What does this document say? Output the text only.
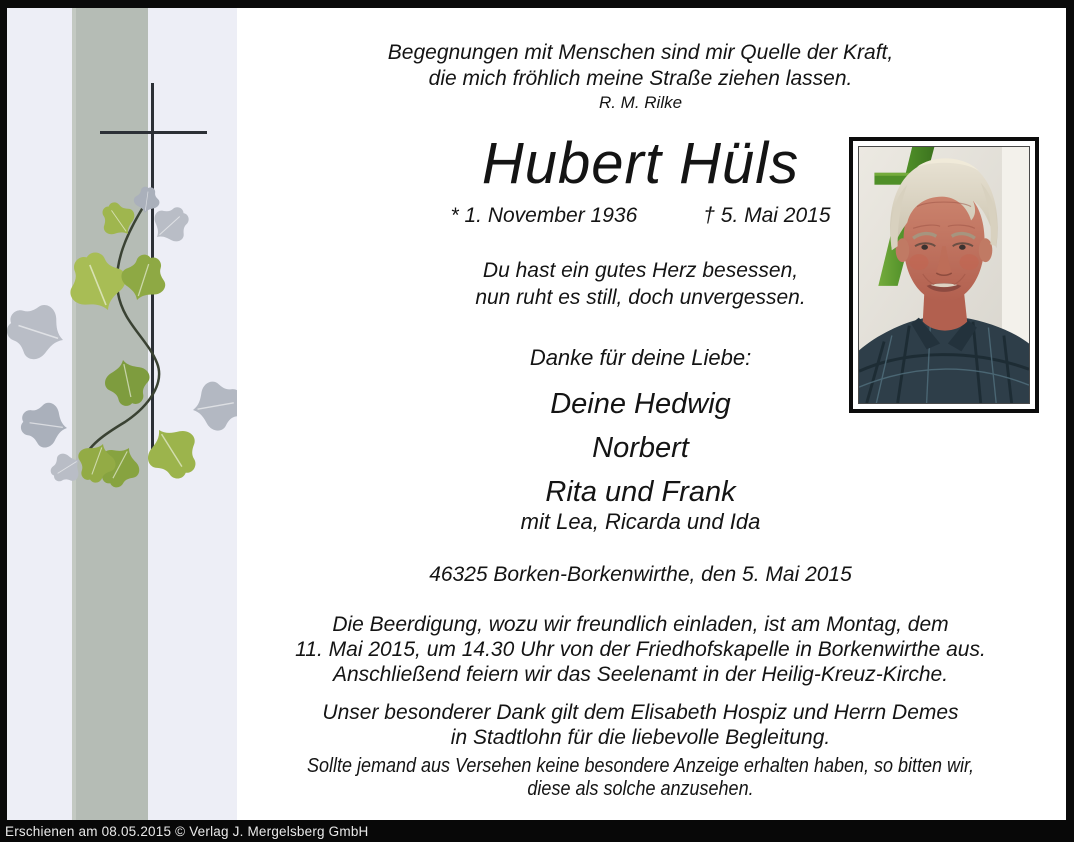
Begegnungen mit Menschen sind mir Quelle der Kraft,
die mich fröhlich meine Straße ziehen lassen.
R. M. Rilke
Hubert Hüls
* 1. November 1936	† 5. Mai 2015
Du hast ein gutes Herz besessen,
nun ruht es still, doch unvergessen.
Danke für deine Liebe:
Deine Hedwig
Norbert
Rita und Frank
mit Lea, Ricarda und Ida
46325 Borken-Borkenwirthe, den 5. Mai 2015
Die Beerdigung, wozu wir freundlich einladen, ist am Montag, dem
11. Mai 2015, um 14.30 Uhr von der Friedhofskapelle in Borkenwirthe aus.
Anschließend feiern wir das Seelenamt in der Heilig-Kreuz-Kirche.
Unser besonderer Dank gilt dem Elisabeth Hospiz und Herrn Demes
in Stadtlohn für die liebevolle Begleitung.
Sollte jemand aus Versehen keine besondere Anzeige erhalten haben, so bitten wir,
diese als solche anzusehen.
Erschienen am 08.05.2015 © Verlag J. Mergelsberg GmbH
